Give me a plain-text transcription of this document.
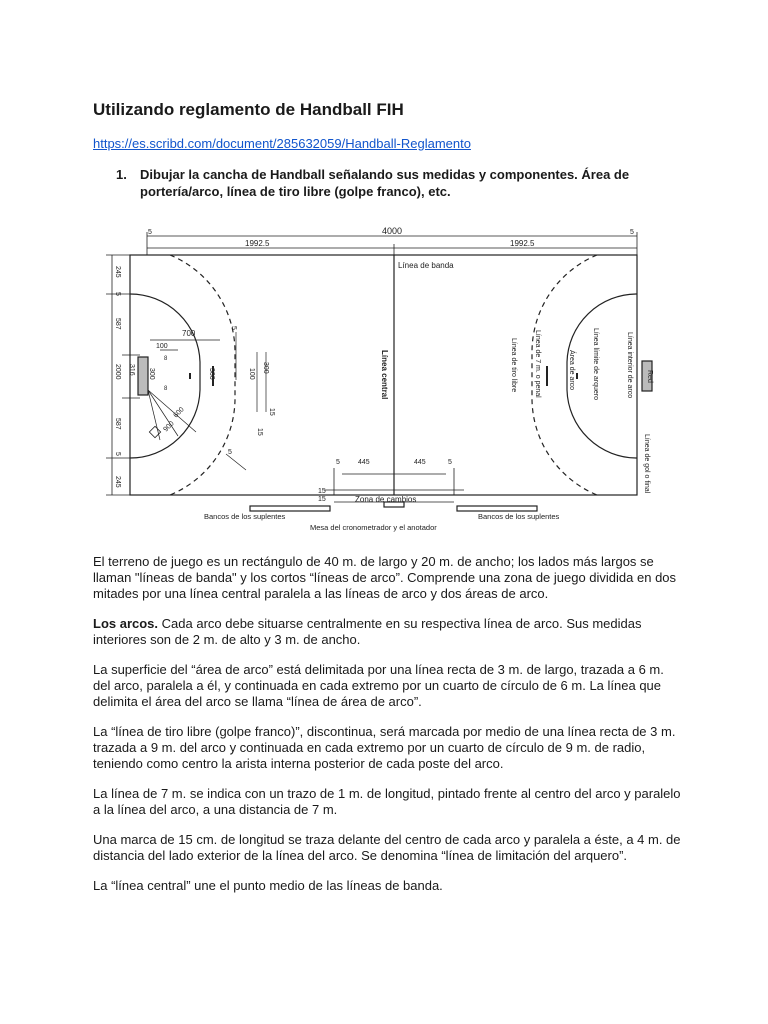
Utilizando reglamento de Handball FIH
https://es.scribd.com/document/285632059/Handball-Reglamento
1. Dibujar la cancha de Handball señalando sus medidas y componentes. Área de portería/arco, línea de tiro libre (golpe franco), etc.
4000
1992.5	1992.5
5	5
Línea de banda
Línea central
245
5
587
316
2000
587
5
245
700
5
100
8
300
8
300	100
300
15
15
5
600
900
Línea de 7 m. o penal
Línea de tiro libre	Área de arco Línea límite de arquero	Línea interior de arco Red
Línea de gol o final
5	445	445	5
15
15	Zona de cambios
Bancos de los suplentes	Bancos de los suplentes
Mesa del cronometrador y el anotador

El terreno de juego es un rectángulo de 40 m. de largo y 20 m. de ancho; los lados más largos se llaman "líneas de banda" y los cortos “líneas de arco”. Comprende una zona de juego dividida en dos mitades por una línea central paralela a las líneas de arco y dos áreas de arco.

Los arcos. Cada arco debe situarse centralmente en su respectiva línea de arco. Sus medidas interiores son de 2 m. de alto y 3 m. de ancho.

La superficie del “área de arco” está delimitada por una línea recta de 3 m. de largo, trazada a 6 m. del arco, paralela a él, y continuada en cada extremo por un cuarto de círculo de 6 m. La línea que delimita el área del arco se llama “línea de área de arco”.

La “línea de tiro libre (golpe franco)”, discontinua, será marcada por medio de una línea recta de 3 m. trazada a 9 m. del arco y continuada en cada extremo por un cuarto de círculo de 9 m. de radio, teniendo como centro la arista interna posterior de cada poste del arco.

La línea de 7 m. se indica con un trazo de 1 m. de longitud, pintado frente al centro del arco y paralelo a la línea del arco, a una distancia de 7 m.

Una marca de 15 cm. de longitud se traza delante del centro de cada arco y paralela a éste, a 4 m. de distancia del lado exterior de la línea del arco. Se denomina “línea de limitación del arquero”.

La “línea central” une el punto medio de las líneas de banda.
